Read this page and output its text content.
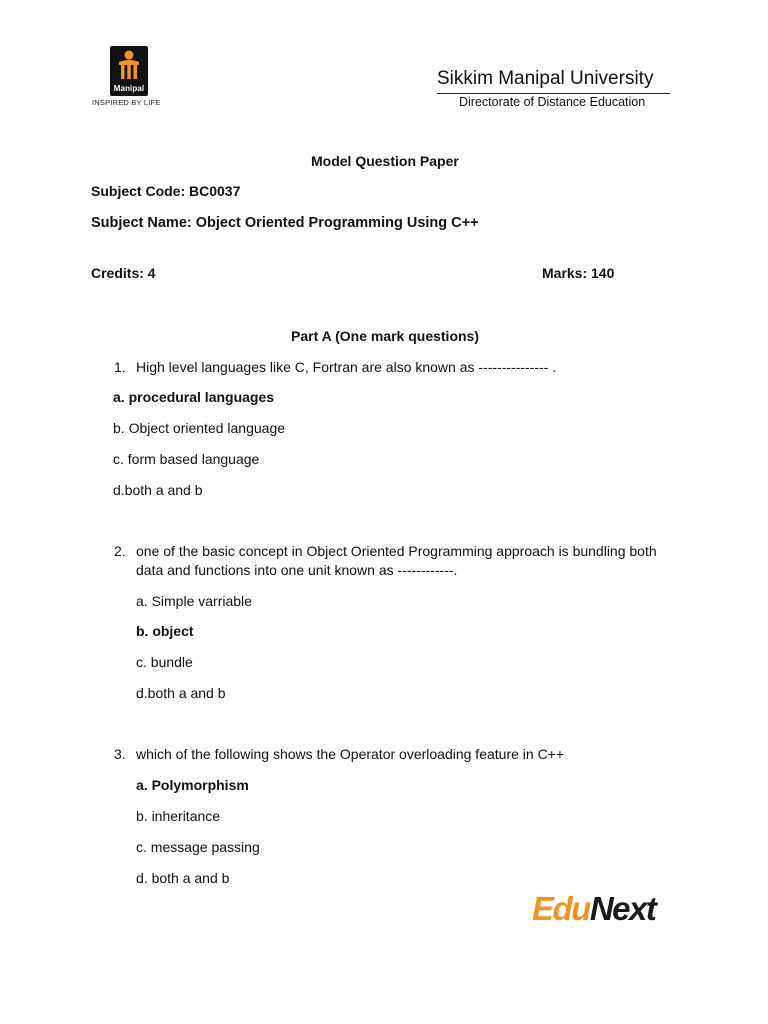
Manipal
INSPIRED BY LIFE
Sikkim Manipal University
Directorate of Distance Education
Model Question Paper
Subject Code: BC0037
Subject Name: Object Oriented Programming Using C++
Credits: 4	Marks: 140
Part A (One mark questions)
1. High level languages like C, Fortran are also known as --------------- .
a. procedural languages
b. Object oriented language
c. form based language
d.both a and b
2. one of the basic concept in Object Oriented Programming approach is bundling both
data and functions into one unit known as ------------.
a. Simple varriable
b. object
c. bundle
d.both a and b
3. which of the following shows the Operator overloading feature in C++
a. Polymorphism
b. inheritance
c. message passing
d. both a and b
EduNext
